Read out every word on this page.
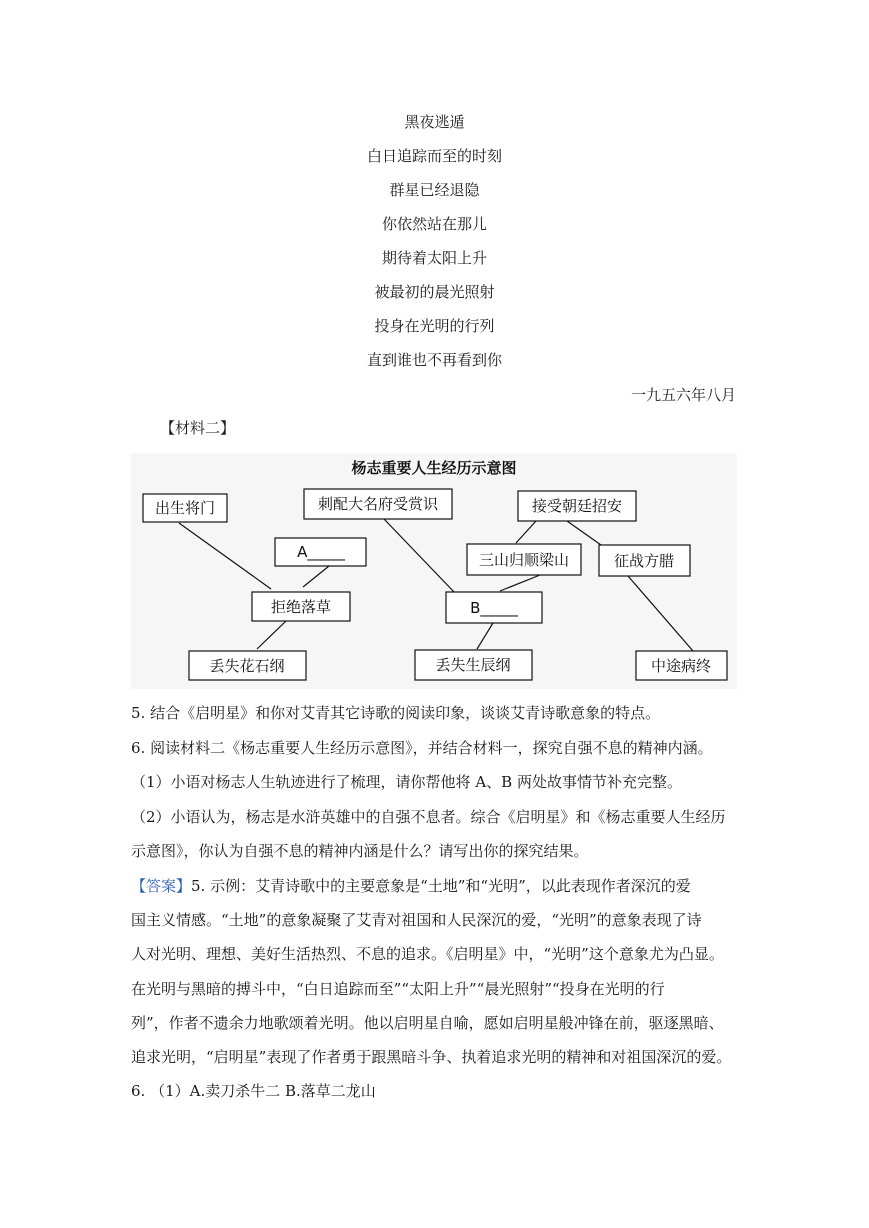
黑夜逃遁
白日追踪而至的时刻
群星已经退隐
你依然站在那儿
期待着太阳上升
被最初的晨光照射
投身在光明的行列
直到谁也不再看到你
一九五六年八月
【材料二】
杨志重要人生经历示意图
出生将门	刺配大名府受赏识
A_____
拒绝落草
丢失花石纲
接受朝廷招安
三山归顺梁山	征战方腊
B_____
丢失生辰纲	中途病终
5. 结合《启明星》和你对艾青其它诗歌的阅读印象，谈谈艾青诗歌意象的特点。
6. 阅读材料二《杨志重要人生经历示意图》，并结合材料一，探究自强不息的精神内涵。
（1）小语对杨志人生轨迹进行了梳理，请你帮他将 A、B 两处故事情节补充完整。
（2）小语认为，杨志是水浒英雄中的自强不息者。综合《启明星》和《杨志重要人生经历
示意图》，你认为自强不息的精神内涵是什么？请写出你的探究结果。
【答案】5. 示例：艾青诗歌中的主要意象是“土地”和“光明”，以此表现作者深沉的爱
国主义情感。“土地”的意象凝聚了艾青对祖国和人民深沉的爱，“光明”的意象表现了诗
人对光明、理想、美好生活热烈、不息的追求。《启明星》中，“光明”这个意象尤为凸显。
在光明与黑暗的搏斗中，“白日追踪而至”“太阳上升”“晨光照射”“投身在光明的行
列”，作者不遗余力地歌颂着光明。他以启明星自喻，愿如启明星般冲锋在前，驱逐黑暗、
追求光明，“启明星”表现了作者勇于跟黑暗斗争、执着追求光明的精神和对祖国深沉的爱。
6. （1）A.卖刀杀牛二 B.落草二龙山
